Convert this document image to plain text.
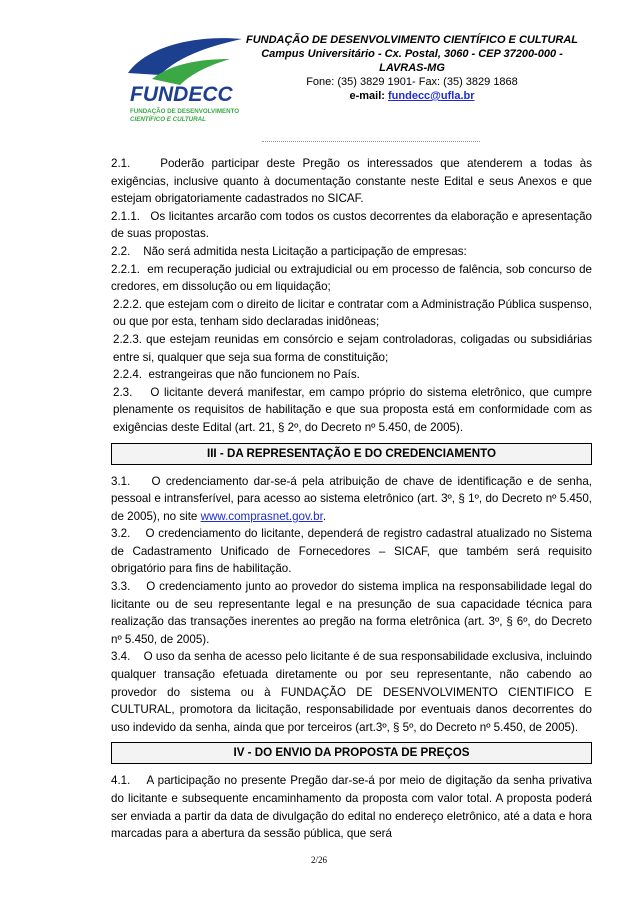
FUNDECC
FUNDAÇÃO DE DESENVOLVIMENTO
CIENTÍFICO E CULTURAL
FUNDAÇÃO DE DESENVOLVIMENTO CIENTÍFICO E CULTURAL
Campus Universitário - Cx. Postal, 3060 - CEP 37200-000 -
LAVRAS-MG
Fone: (35) 3829 1901- Fax: (35) 3829 1868
e-mail: fundecc@ufla.br

2.1.    Poderão participar deste Pregão os interessados que atenderem a todas às exigências, inclusive quanto à documentação constante neste Edital e seus Anexos e que estejam obrigatoriamente cadastrados no SICAF.

2.1.1.   Os licitantes arcarão com todos os custos decorrentes da elaboração e apresentação de suas propostas.

2.2.    Não será admitida nesta Licitação a participação de empresas:

2.2.1.  em recuperação judicial ou extrajudicial ou em processo de falência, sob concurso de credores, em dissolução ou em liquidação;

2.2.2. que estejam com o direito de licitar e contratar com a Administração Pública suspenso, ou que por esta, tenham sido declaradas inidôneas;

2.2.3. que estejam reunidas em consórcio e sejam controladoras, coligadas ou subsidiárias entre si, qualquer que seja sua forma de constituição;

2.2.4.  estrangeiras que não funcionem no País.

2.3.    O licitante deverá manifestar, em campo próprio do sistema eletrônico, que cumpre plenamente os requisitos de habilitação e que sua proposta está em conformidade com as exigências deste Edital (art. 21, § 2º, do Decreto nº 5.450, de 2005).

III - DA REPRESENTAÇÃO E DO CREDENCIAMENTO

3.1.    O credenciamento dar-se-á pela atribuição de chave de identificação e de senha, pessoal e intransferível, para acesso ao sistema eletrônico (art. 3º, § 1º, do Decreto nº 5.450, de 2005), no site www.comprasnet.gov.br.

3.2.    O credenciamento do licitante, dependerá de registro cadastral atualizado no Sistema de Cadastramento Unificado de Fornecedores – SICAF, que também será requisito obrigatório para fins de habilitação.

3.3.    O credenciamento junto ao provedor do sistema implica na responsabilidade legal do licitante ou de seu representante legal e na presunção de sua capacidade técnica para realização das transações inerentes ao pregão na forma eletrônica (art. 3º, § 6º, do Decreto nº 5.450, de 2005).

3.4.    O uso da senha de acesso pelo licitante é de sua responsabilidade exclusiva, incluindo qualquer transação efetuada diretamente ou por seu representante, não cabendo ao provedor do sistema ou à FUNDAÇÃO DE DESENVOLVIMENTO CIENTIFICO E CULTURAL, promotora da licitação, responsabilidade por eventuais danos decorrentes do uso indevido da senha, ainda que por terceiros (art.3º, § 5º, do Decreto nº 5.450, de 2005).

IV - DO ENVIO DA PROPOSTA DE PREÇOS

4.1.    A participação no presente Pregão dar-se-á por meio de digitação da senha privativa do licitante e subsequente encaminhamento da proposta com valor total. A proposta poderá ser enviada a partir da data de divulgação do edital no endereço eletrônico, até a data e hora marcadas para a abertura da sessão pública, que será

2/26
